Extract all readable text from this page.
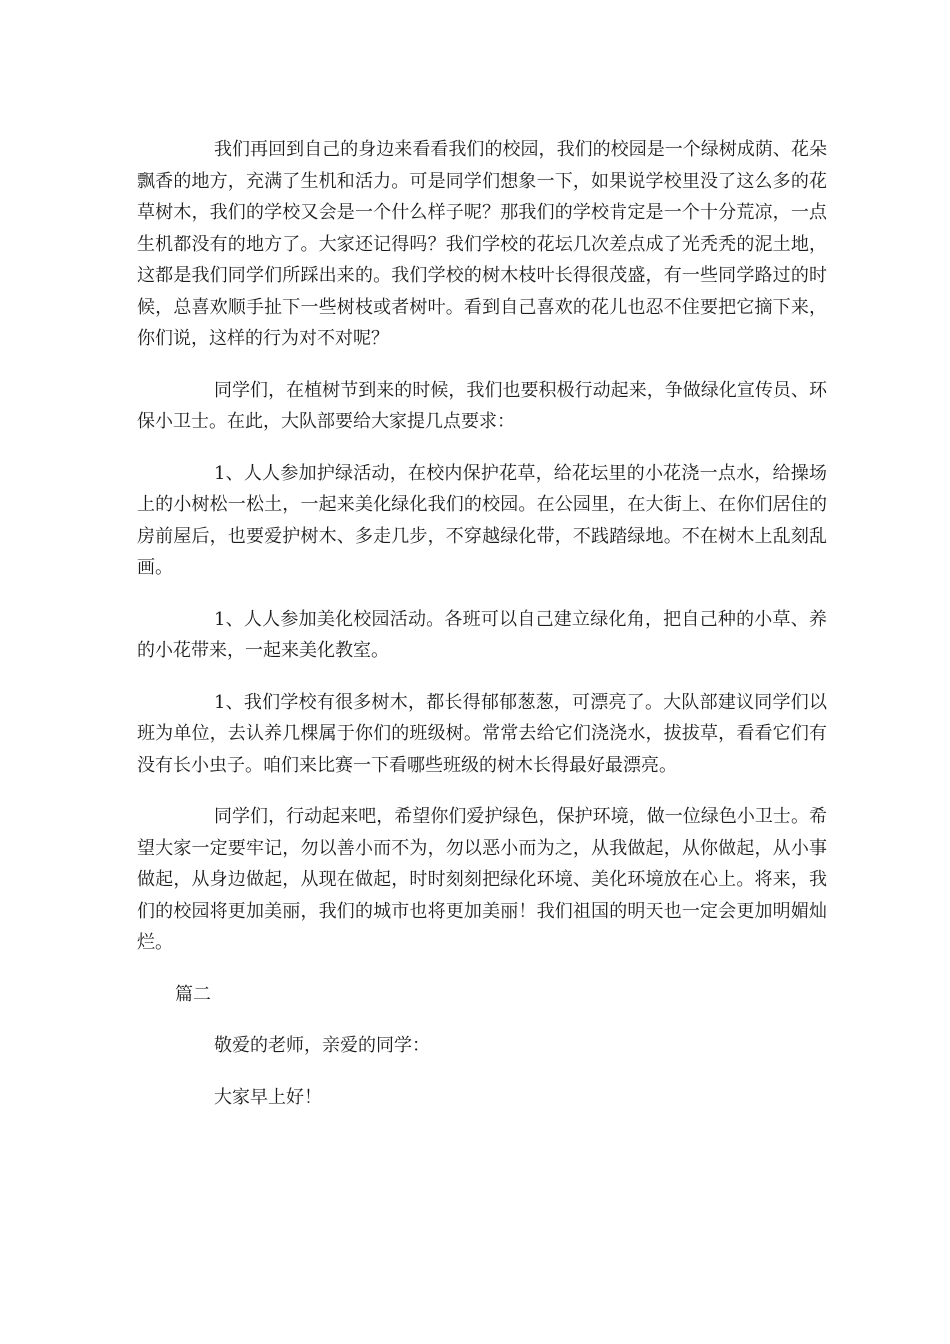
我们再回到自己的身边来看看我们的校园，我们的校园是一个绿树成荫、花朵飘香的地方，充满了生机和活力。可是同学们想象一下，如果说学校里没了这么多的花草树木，我们的学校又会是一个什么样子呢？那我们的学校肯定是一个十分荒凉，一点生机都没有的地方了。大家还记得吗？我们学校的花坛几次差点成了光秃秃的泥土地，这都是我们同学们所踩出来的。我们学校的树木枝叶长得很茂盛，有一些同学路过的时候，总喜欢顺手扯下一些树枝或者树叶。看到自己喜欢的花儿也忍不住要把它摘下来，你们说，这样的行为对不对呢？

同学们，在植树节到来的时候，我们也要积极行动起来，争做绿化宣传员、环保小卫士。在此，大队部要给大家提几点要求：

1、人人参加护绿活动，在校内保护花草，给花坛里的小花浇一点水，给操场上的小树松一松土，一起来美化绿化我们的校园。在公园里，在大街上、在你们居住的房前屋后，也要爱护树木、多走几步，不穿越绿化带，不践踏绿地。不在树木上乱刻乱画。

1、人人参加美化校园活动。各班可以自己建立绿化角，把自己种的小草、养的小花带来，一起来美化教室。

1、我们学校有很多树木，都长得郁郁葱葱，可漂亮了。大队部建议同学们以班为单位，去认养几棵属于你们的班级树。常常去给它们浇浇水，拔拔草，看看它们有没有长小虫子。咱们来比赛一下看哪些班级的树木长得最好最漂亮。

同学们，行动起来吧，希望你们爱护绿色，保护环境，做一位绿色小卫士。希望大家一定要牢记，勿以善小而不为，勿以恶小而为之，从我做起，从你做起，从小事做起，从身边做起，从现在做起，时时刻刻把绿化环境、美化环境放在心上。将来，我们的校园将更加美丽，我们的城市也将更加美丽！我们祖国的明天也一定会更加明媚灿烂。

篇二

敬爱的老师，亲爱的同学：

大家早上好！
